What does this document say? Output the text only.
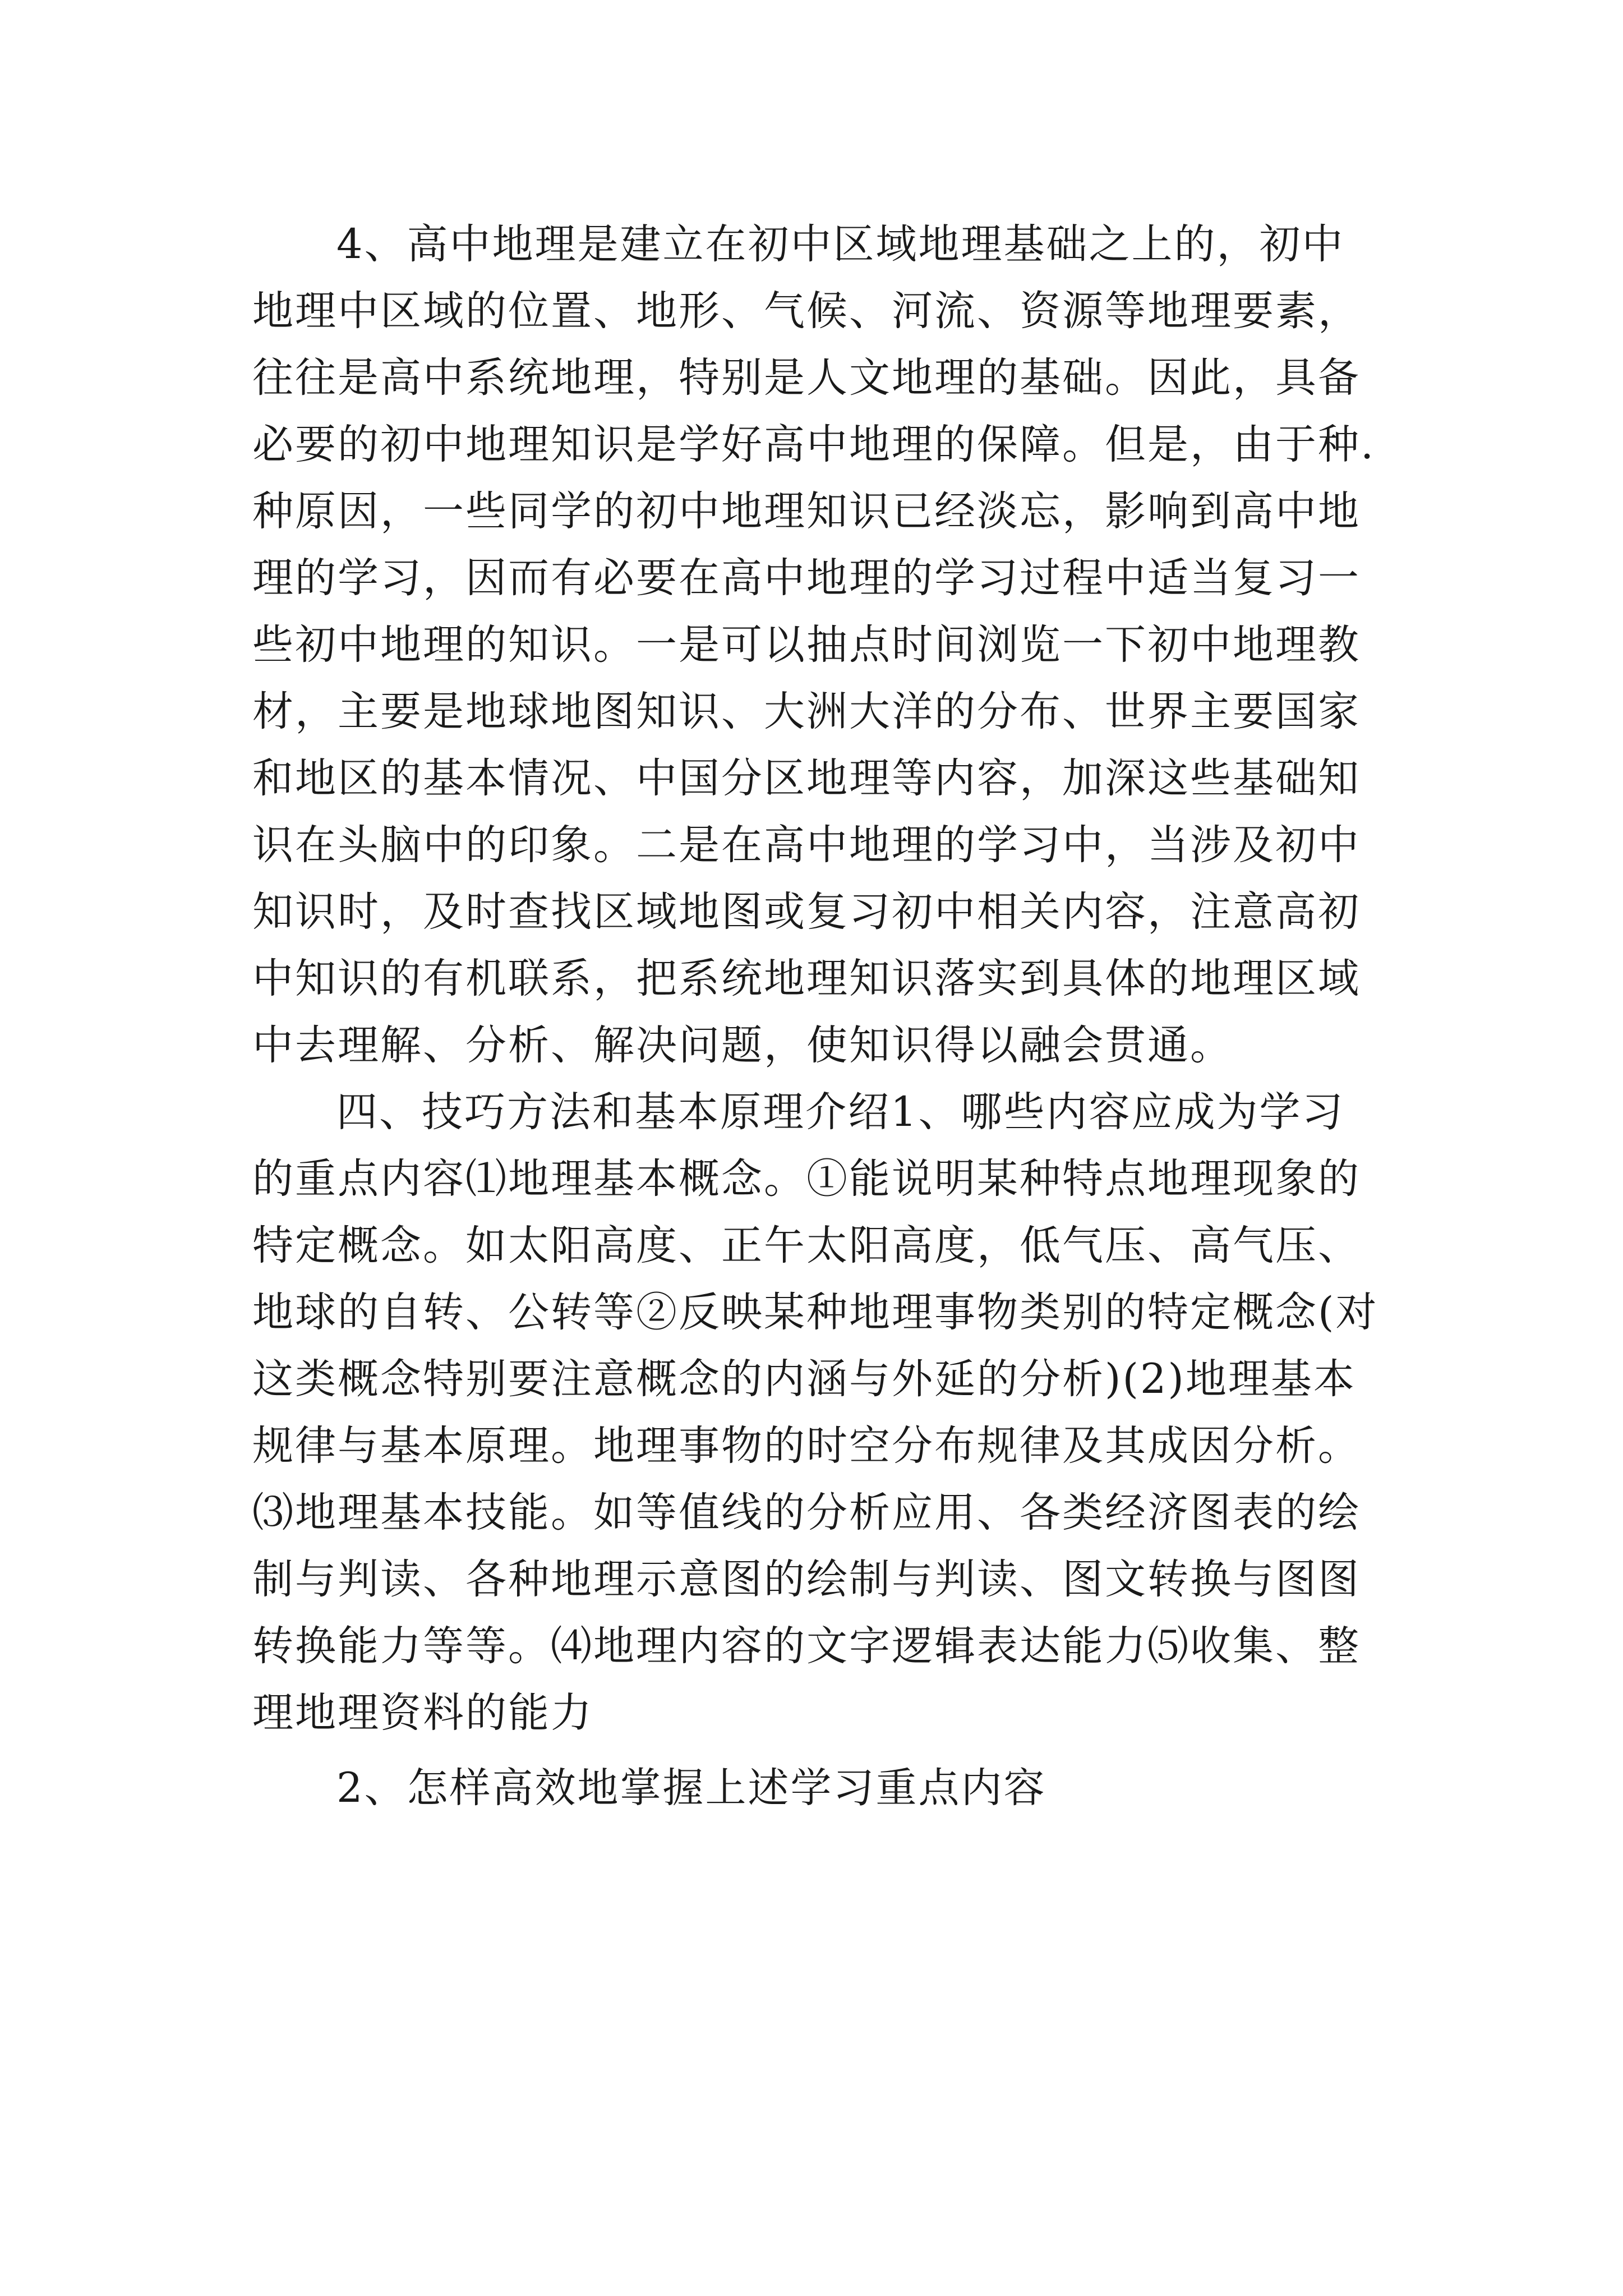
4、高中地理是建立在初中区域地理基础之上的，初中
地理中区域的位置、地形、气候、河流、资源等地理要素，
往往是高中系统地理，特别是人文地理的基础。因此，具备
必要的初中地理知识是学好高中地理的保障。但是，由于种.
种原因，一些同学的初中地理知识已经淡忘，影响到高中地
理的学习，因而有必要在高中地理的学习过程中适当复习一
些初中地理的知识。一是可以抽点时间浏览一下初中地理教
材，主要是地球地图知识、大洲大洋的分布、世界主要国家
和地区的基本情况、中国分区地理等内容，加深这些基础知
识在头脑中的印象。二是在高中地理的学习中，当涉及初中
知识时，及时查找区域地图或复习初中相关内容，注意高初
中知识的有机联系，把系统地理知识落实到具体的地理区域
中去理解、分析、解决问题，使知识得以融会贯通。
四、技巧方法和基本原理介绍1、哪些内容应成为学习
的重点内容⑴地理基本概念。①能说明某种特点地理现象的
特定概念。如太阳高度、正午太阳高度，低气压、高气压、
地球的自转、公转等②反映某种地理事物类别的特定概念(对
这类概念特别要注意概念的内涵与外延的分析)(2)地理基本
规律与基本原理。地理事物的时空分布规律及其成因分析。
⑶地理基本技能。如等值线的分析应用、各类经济图表的绘
制与判读、各种地理示意图的绘制与判读、图文转换与图图
转换能力等等。⑷地理内容的文字逻辑表达能力⑸收集、整
理地理资料的能力
2、怎样高效地掌握上述学习重点内容
